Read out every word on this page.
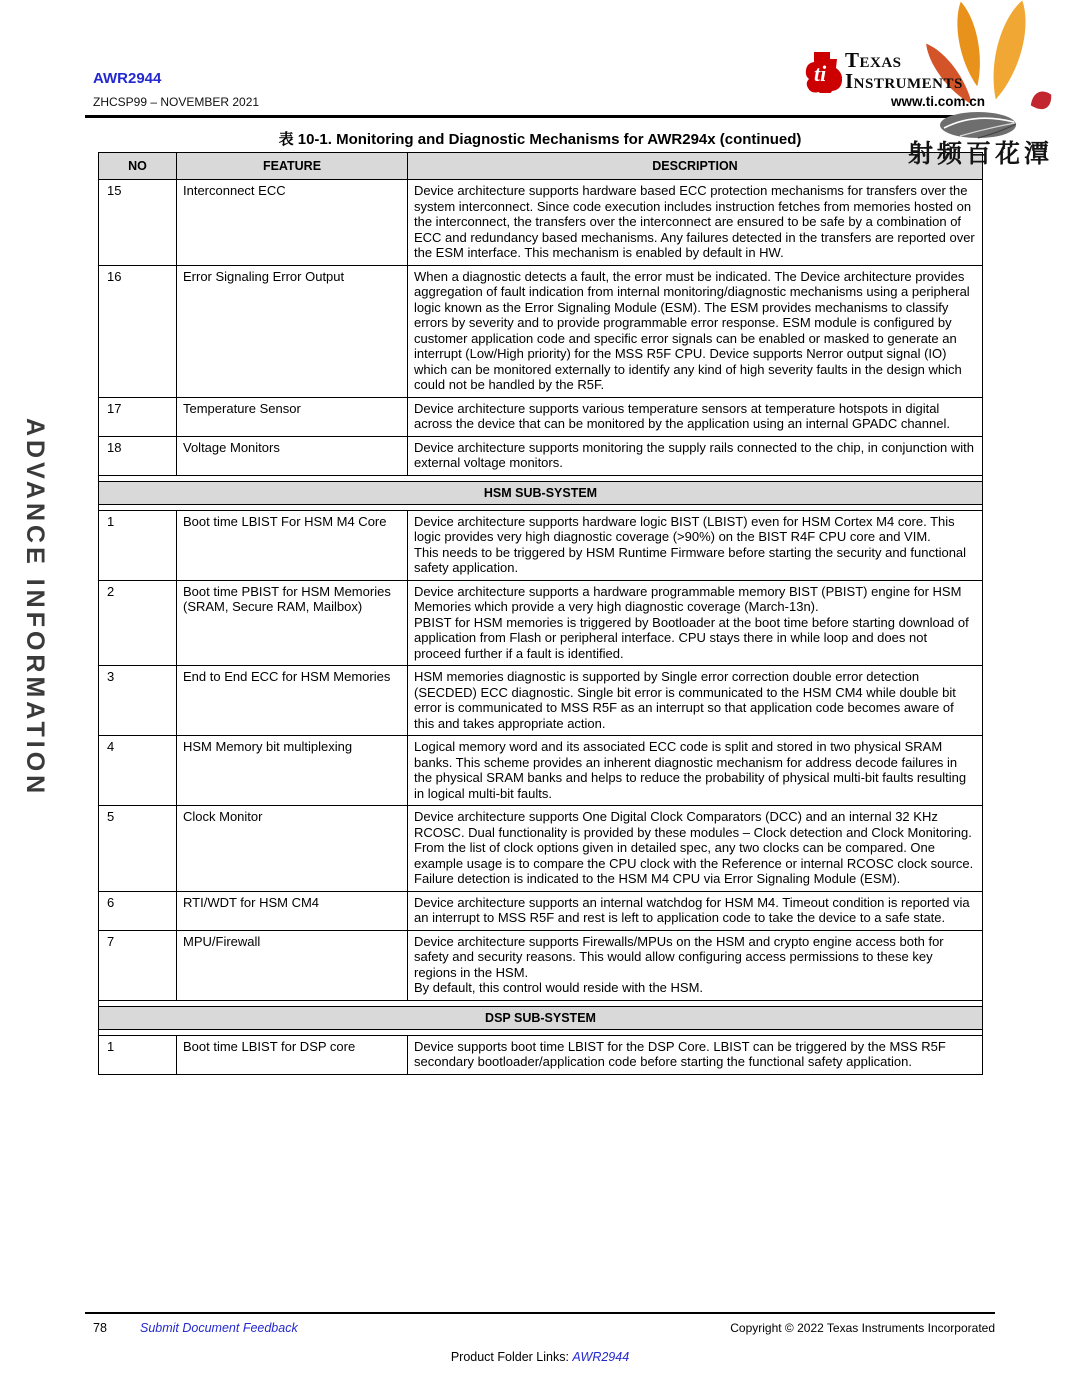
AWR2944
ZHCSP99 – NOVEMBER 2021
ti
Texas
Instruments
www.ti.com.cn
射频百花潭
ADVANCE INFORMATION
表 10-1. Monitoring and Diagnostic Mechanisms for AWR294x (continued)
NO	FEATURE	DESCRIPTION
15	Interconnect ECC	Device architecture supports hardware based ECC protection mechanisms for transfers over the system interconnect. Since code execution includes instruction fetches from memories hosted on the interconnect, the transfers over the interconnect are ensured to be safe by a combination of ECC and redundancy based mechanisms. Any failures detected in the transfers are reported over the ESM interface. This mechanism is enabled by default in HW.

16	Error Signaling Error Output	When a diagnostic detects a fault, the error must be indicated. The Device architecture provides aggregation of fault indication from internal monitoring/diagnostic mechanisms using a peripheral logic known as the Error Signaling Module (ESM). The ESM provides mechanisms to classify errors by severity and to provide programmable error response. ESM module is configured by customer application code and specific error signals can be enabled or masked to generate an interrupt (Low/High priority) for the MSS R5F CPU. Device supports Nerror output signal (IO) which can be monitored externally to identify any kind of high severity faults in the design which could not be handled by the R5F.

17	Temperature Sensor	Device architecture supports various temperature sensors at temperature hotspots in digital across the device that can be monitored by the application using an internal GPADC channel.

18	Voltage Monitors	Device architecture supports monitoring the supply rails connected to the chip, in conjunction with external voltage monitors.

HSM SUB-SYSTEM		

1	Boot time LBIST For HSM M4 Core	Device architecture supports hardware logic BIST (LBIST) even for HSM Cortex M4 core. This logic provides very high diagnostic coverage (>90%) on the BIST R4F CPU core and VIM.
This needs to be triggered by HSM Runtime Firmware before starting the security and functional safety application.

2	Boot time PBIST for HSM Memories (SRAM, Secure RAM, Mailbox)	Device architecture supports a hardware programmable memory BIST (PBIST) engine for HSM Memories which provide a very high diagnostic coverage (March-13n).
PBIST for HSM memories is triggered by Bootloader at the boot time before starting download of application from Flash or peripheral interface. CPU stays there in while loop and does not proceed further if a fault is identified.

3	End to End ECC for HSM Memories	HSM memories diagnostic is supported by Single error correction double error detection (SECDED) ECC diagnostic. Single bit error is communicated to the HSM CM4 while double bit error is communicated to MSS R5F as an interrupt so that application code becomes aware of this and takes appropriate action.

4	HSM Memory bit multiplexing	Logical memory word and its associated ECC code is split and stored in two physical SRAM banks. This scheme provides an inherent diagnostic mechanism for address decode failures in the physical SRAM banks and helps to reduce the probability of physical multi-bit faults resulting in logical multi-bit faults.

5	Clock Monitor	Device architecture supports One Digital Clock Comparators (DCC) and an internal 32 KHz RCOSC. Dual functionality is provided by these modules – Clock detection and Clock Monitoring.
From the list of clock options given in detailed spec, any two clocks can be compared. One example usage is to compare the CPU clock with the Reference or internal RCOSC clock source. Failure detection is indicated to the HSM M4 CPU via Error Signaling Module (ESM).

6	RTI/WDT for HSM CM4	Device architecture supports an internal watchdog for HSM M4. Timeout condition is reported via an interrupt to MSS R5F and rest is left to application code to take the device to a safe state.

7	MPU/Firewall	Device architecture supports Firewalls/MPUs on the HSM and crypto engine access both for safety and security reasons. This would allow configuring access permissions to these key regions in the HSM.
By default, this control would reside with the HSM.

DSP SUB-SYSTEM		

1	Boot time LBIST for DSP core	Device supports boot time LBIST for the DSP Core. LBIST can be triggered by the MSS R5F secondary bootloader/application code before starting the functional safety application.
78	Submit Document Feedback	Copyright © 2022 Texas Instruments Incorporated
Product Folder Links: AWR2944
